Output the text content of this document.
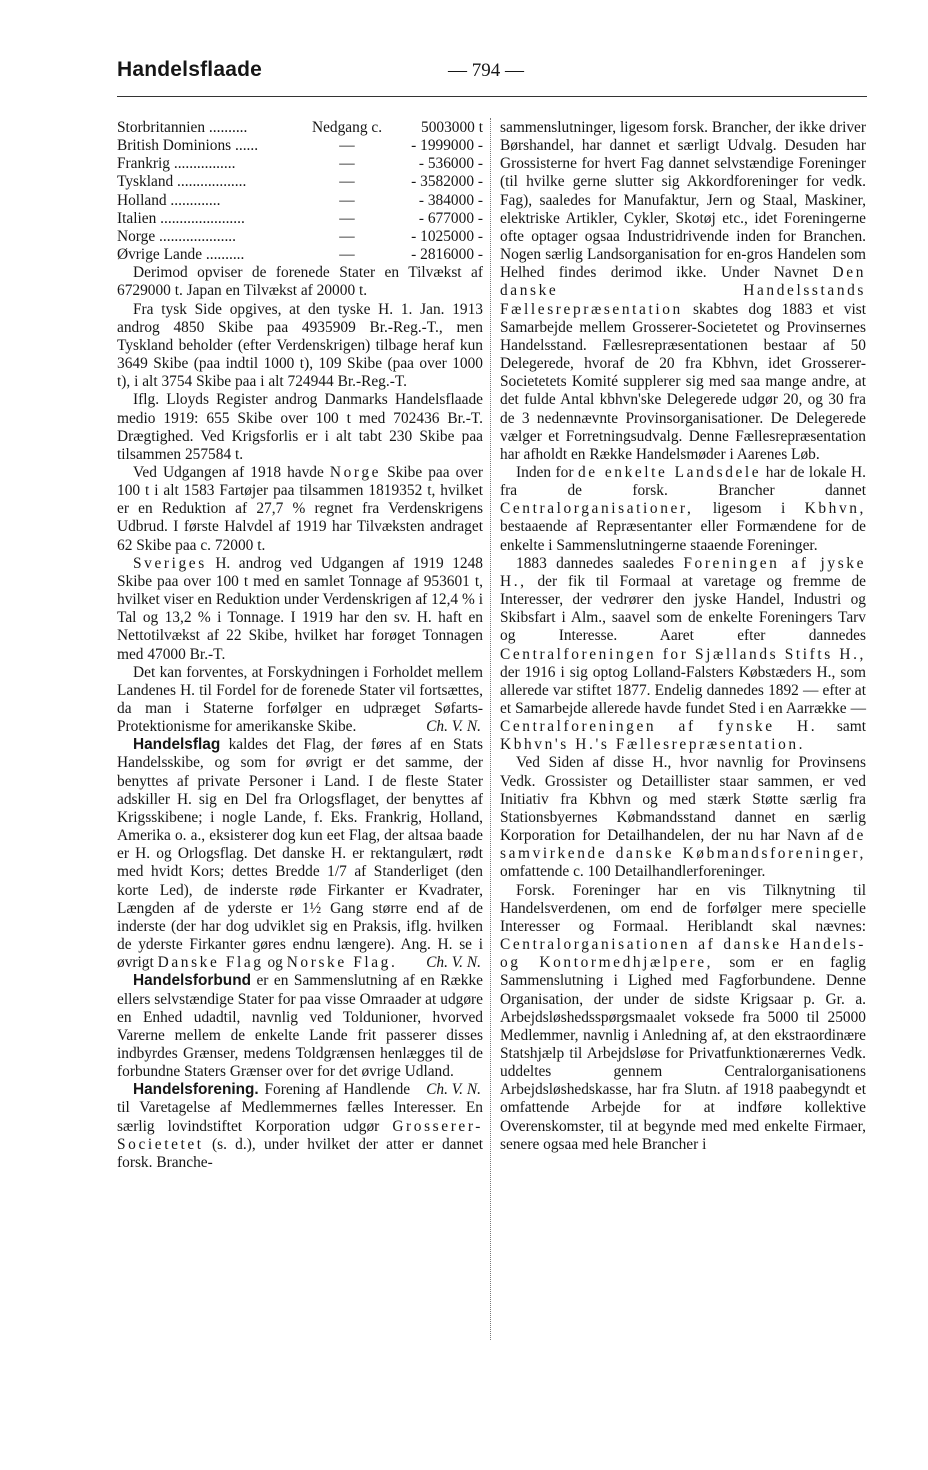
Handelsflaade	— 794 —
Storbritannien ..........	Nedgang c.	5003000 t
British Dominions ......	—	- 1999000 -
Frankrig ................	—	- 536000 -
Tyskland ..................	—	- 3582000 -
Holland .............	—	- 384000 -
Italien ......................	—	- 677000 -
Norge ....................	—	- 1025000 -
Øvrige Lande ..........	—	- 2816000 -

Derimod opviser de forenede Stater en Tilvækst af 6729000 t. Japan en Tilvækst af 20000 t.

Fra tysk Side opgives, at den tyske H. 1. Jan. 1913 androg 4850 Skibe paa 4935909 Br.-Reg.-T., men Tyskland beholder (efter Verdenskrigen) tilbage heraf kun 3649 Skibe (paa indtil 1000 t), 109 Skibe (paa over 1000 t), i alt 3754 Skibe paa i alt 724944 Br.-Reg.-T.

Iflg. Lloyds Register androg Danmarks Handelsflaade medio 1919: 655 Skibe over 100 t med 702436 Br.-T. Drægtighed. Ved Krigsforlis er i alt tabt 230 Skibe paa tilsammen 257584 t.

Ved Udgangen af 1918 havde Norge Skibe paa over 100 t i alt 1583 Fartøjer paa tilsammen 1819352 t, hvilket er en Reduktion af 27,7 % regnet fra Verdenskrigens Udbrud. I første Halvdel af 1919 har Tilvæksten andraget 62 Skibe paa c. 72000 t.

Sveriges H. androg ved Udgangen af 1919 1248 Skibe paa over 100 t med en samlet Tonnage af 953601 t, hvilket viser en Reduktion under Verdenskrigen af 12,4 % i Tal og 13,2 % i Tonnage. I 1919 har den sv. H. haft en Nettotilvækst af 22 Skibe, hvilket har forøget Tonnagen med 47000 Br.-T.

Det kan forventes, at Forskydningen i Forholdet mellem Landenes H. til Fordel for de forenede Stater vil fortsættes, da man i Staterne forfølger en udpræget Søfarts-Protektionisme for amerikanske Skibe.	Ch. V. N.

Handelsflag kaldes det Flag, der føres af en Stats Handelsskibe, og som for øvrigt er det samme, der benyttes af private Personer i Land. I de fleste Stater adskiller H. sig en Del fra Orlogsflaget, der benyttes af Krigsskibene; i nogle Lande, f. Eks. Frankrig, Holland, Amerika o. a., eksisterer dog kun eet Flag, der altsaa baade er H. og Orlogsflag. Det danske H. er rektangulært, rødt med hvidt Kors; dettes Bredde 1/7 af Standerliget (den korte Led), de inderste røde Firkanter er Kvadrater, Længden af de yderste er 1½ Gang større end af de inderste (der har dog udviklet sig en Praksis, iflg. hvilken de yderste Firkanter gøres endnu længere). Ang. H. se i øvrigt Danske Flag og Norske Flag.	Ch. V. N.

Handelsforbund er en Sammenslutning af en Række ellers selvstændige Stater for paa visse Omraader at udgøre en Enhed udadtil, navnlig ved Toldunioner, hvorved Varerne mellem de enkelte Lande frit passerer disses indbyrdes Grænser, medens Toldgrænsen henlægges til de forbundne Staters Grænser over for det øvrige Udland.
Ch. V. N.

Handelsforening. Forening af Handlende til Varetagelse af Medlemmernes fælles Interesser. En særlig lovindstiftet Korporation udgør Grosserer-Societetet (s. d.), under hvilket der atter er dannet forsk. Branche-

sammenslutninger, ligesom forsk. Brancher, der ikke driver Børshandel, har dannet et særligt Udvalg. Desuden har Grossisterne for hvert Fag dannet selvstændige Foreninger (til hvilke gerne slutter sig Akkordforeninger for vedk. Fag), saaledes for Manufaktur, Jern og Staal, Maskiner, elektriske Artikler, Cykler, Skotøj etc., idet Foreningerne ofte optager ogsaa Industridrivende inden for Branchen. Nogen særlig Landsorganisation for en-gros Handelen som Helhed findes derimod ikke. Under Navnet Den danske Handelsstands Fællesrepræsentation skabtes dog 1883 et vist Samarbejde mellem Grosserer-Societetet og Provinsernes Handelsstand. Fællesrepræsentationen bestaar af 50 Delegerede, hvoraf de 20 fra Kbhvn, idet Grosserer-Societetets Komité supplerer sig med saa mange andre, at det fulde Antal kbhvn'ske Delegerede udgør 20, og 30 fra de 3 nedennævnte Provinsorganisationer. De Delegerede vælger et Forretningsudvalg. Denne Fællesrepræsentation har afholdt en Række Handelsmøder i Aarenes Løb.

Inden for de enkelte Landsdele har de lokale H. fra de forsk. Brancher dannet Centralorganisationer, ligesom i Kbhvn, bestaaende af Repræsentanter eller Formændene for de enkelte i Sammenslutningerne staaende Foreninger.

1883 dannedes saaledes Foreningen af jyske H., der fik til Formaal at varetage og fremme de Interesser, der vedrører den jyske Handel, Industri og Skibsfart i Alm., saavel som de enkelte Foreningers Tarv og Interesse. Aaret efter dannedes Centralforeningen for Sjællands Stifts H., der 1916 i sig optog Lolland-Falsters Købstæders H., som allerede var stiftet 1877. Endelig dannedes 1892 — efter at et Samarbejde allerede havde fundet Sted i en Aarrække — Centralforeningen af fynske H. samt Kbhvn's H.'s Fællesrepræsentation.

Ved Siden af disse H., hvor navnlig for Provinsens Vedk. Grossister og Detaillister staar sammen, er ved Initiativ fra Kbhvn og med stærk Støtte særlig fra Stationsbyernes Købmandsstand dannet en særlig Korporation for Detailhandelen, der nu har Navn af de samvirkende danske Købmandsforeninger, omfattende c. 100 Detailhandlerforeninger.

Forsk. Foreninger har en vis Tilknytning til Handelsverdenen, om end de forfølger mere specielle Interesser og Formaal. Heriblandt skal nævnes: Centralorganisationen af danske Handels- og Kontormedhjælpere, som er en faglig Sammenslutning i Lighed med Fagforbundene. Denne Organisation, der under de sidste Krigsaar p. Gr. a. Arbejdsløshedsspørgsmaalet voksede fra 5000 til 25000 Medlemmer, navnlig i Anledning af, at den ekstraordinære Statshjælp til Arbejdsløse for Privatfunktionærernes Vedk. uddeltes gennem Centralorganisationens Arbejdsløshedskasse, har fra Slutn. af 1918 paabegyndt et omfattende Arbejde for at indføre kollektive Overenskomster, til at begynde med med enkelte Firmaer, senere ogsaa med hele Brancher i
